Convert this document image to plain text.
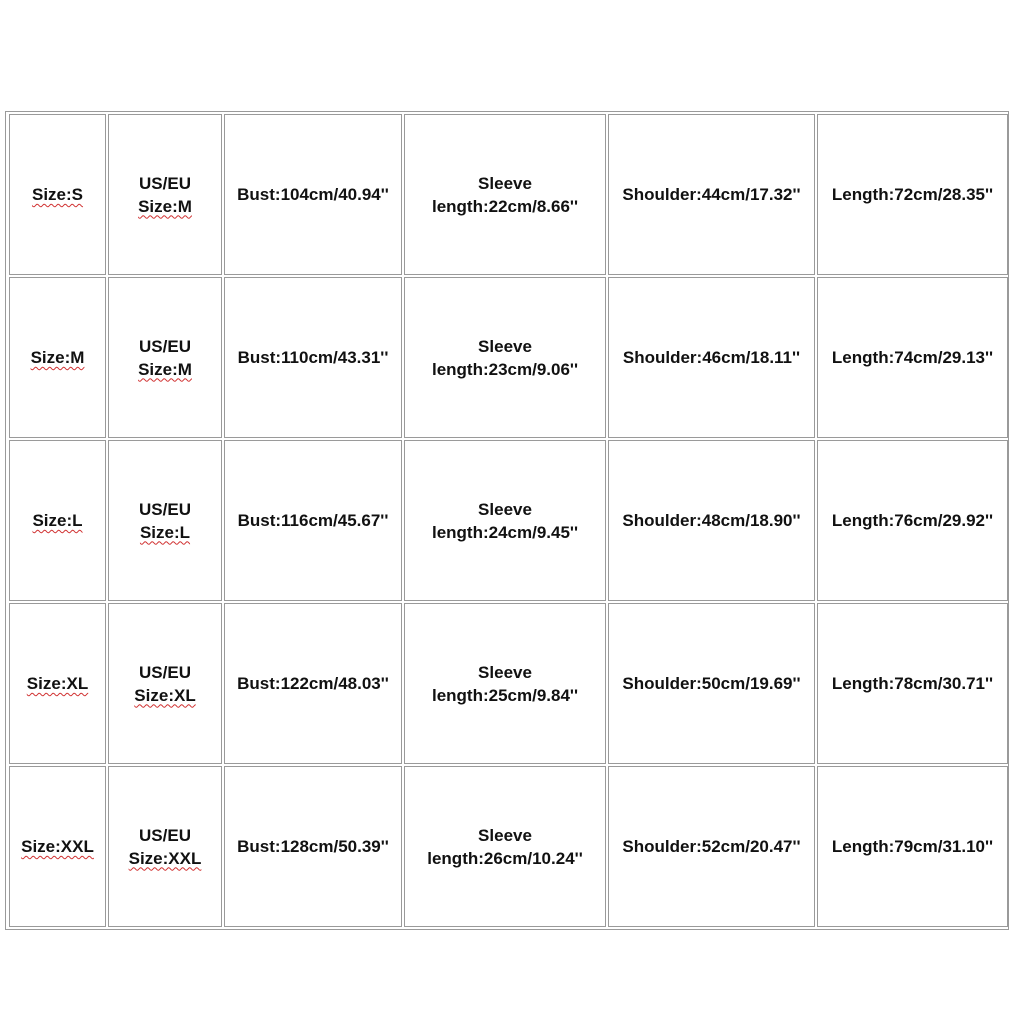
Size:S
US/EU
Size:M
Bust:104cm/40.94''
Sleeve
length:22cm/8.66''
Shoulder:44cm/17.32'' Length:72cm/28.35''
Size:M
US/EU
Size:M
Bust:110cm/43.31''
Sleeve
length:23cm/9.06''
Shoulder:46cm/18.11'' Length:74cm/29.13''
Size:L
US/EU
Size:L
Bust:116cm/45.67''
Sleeve
length:24cm/9.45''
Shoulder:48cm/18.90'' Length:76cm/29.92''
Size:XL
US/EU
Size:XL
Bust:122cm/48.03''
Sleeve
length:25cm/9.84''
Shoulder:50cm/19.69'' Length:78cm/30.71''
Size:XXL
US/EU
Size:XXL
Bust:128cm/50.39''
Sleeve
length:26cm/10.24''
Shoulder:52cm/20.47'' Length:79cm/31.10''
